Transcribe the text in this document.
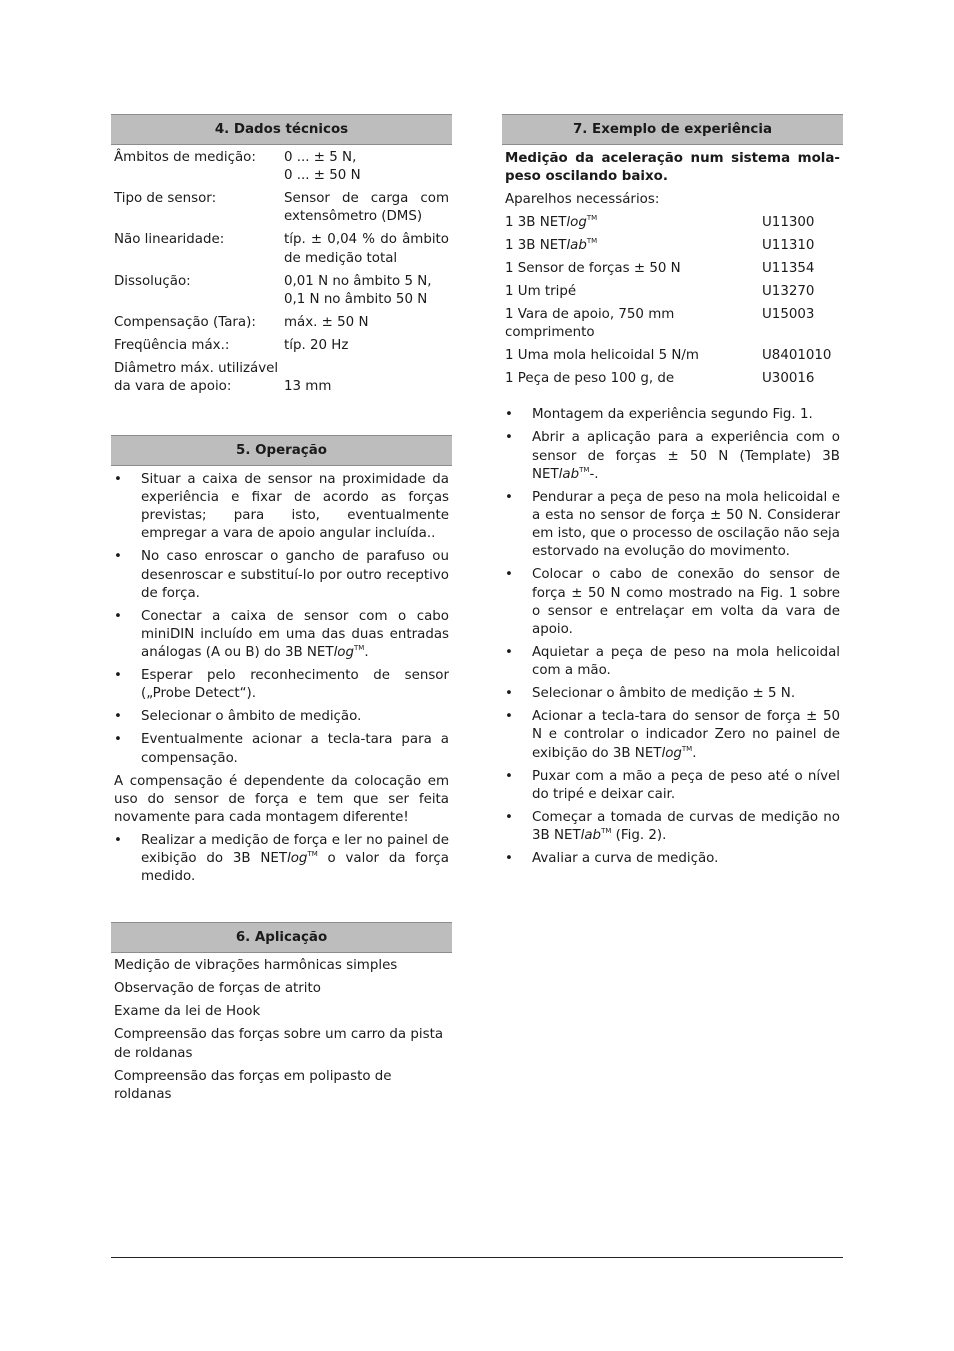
4. Dados técnicos
Âmbitos de medição:	0 ... ± 5 N,
0 ... ± 50 N
Tipo de sensor:	Sensor de carga com extensômetro (DMS)
Não linearidade:	típ. ± 0,04 % do âmbito de medição total
Dissolução:	0,01 N no âmbito 5 N,
0,1 N no âmbito 50 N
Compensação (Tara):	máx. ± 50 N
Freqüência máx.:	típ. 20 Hz
Diâmetro máx. utilizável
da vara de apoio:	13 mm
5. Operação
• Situar a caixa de sensor na proximidade da experiência e fixar de acordo as forças previstas; para isto, eventualmente empregar a vara de apoio angular incluída..
• No caso enroscar o gancho de parafuso ou desenroscar e substituí-lo por outro receptivo de força.
• Conectar a caixa de sensor com o cabo miniDIN incluído em uma das duas entradas análogas (A ou B) do 3B NETlog™.
• Esperar pelo reconhecimento de sensor („Probe Detect“).
• Selecionar o âmbito de medição.
• Eventualmente acionar a tecla-tara para a compensação.

A compensação é dependente da colocação em uso do sensor de força e tem que ser feita novamente para cada montagem diferente!

• Realizar a medição de força e ler no painel de exibição do 3B NETlog™ o valor da força medido.
6. Aplicação
Medição de vibrações harmônicas simples
Observação de forças de atrito
Exame da lei de Hook
Compreensão das forças sobre um carro da pista de roldanas
Compreensão das forças em polipasto de roldanas
7. Exemplo de experiência

Medição da aceleração num sistema mola-peso oscilando baixo.

Aparelhos necessários:

1 3B NETlog™	U11300
1 3B NETlab™	U11310
1 Sensor de forças ± 50 N	U11354
1 Um tripé	U13270
1 Vara de apoio, 750 mm comprimento	U15003
1 Uma mola helicoidal 5 N/m	U8401010
1 Peça de peso 100 g, de	U30016
• Montagem da experiência segundo Fig. 1.
• Abrir a aplicação para a experiência com o sensor de forças ± 50 N (Template) 3B NETlab™-.
• Pendurar a peça de peso na mola helicoidal e a esta no sensor de força ± 50 N. Considerar em isto, que o processo de oscilação não seja estorvado na evolução do movimento.
• Colocar o cabo de conexão do sensor de força ± 50 N como mostrado na Fig. 1 sobre o sensor e entrelaçar em volta da vara de apoio.
• Aquietar a peça de peso na mola helicoidal com a mão.
• Selecionar o âmbito de medição ± 5 N.
• Acionar a tecla-tara do sensor de força ± 50 N e controlar o indicador Zero no painel de exibição do 3B NETlog™.
• Puxar com a mão a peça de peso até o nível do tripé e deixar cair.
• Começar a tomada de curvas de medição no 3B NETlab™ (Fig. 2).
• Avaliar a curva de medição.
